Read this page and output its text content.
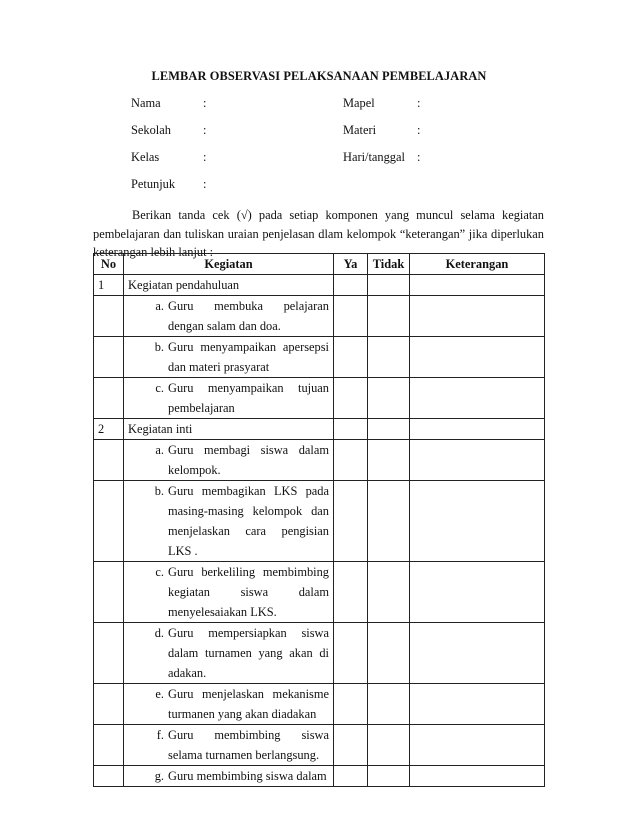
LEMBAR OBSERVASI PELAKSANAAN PEMBELAJARAN
Nama	:	Mapel	:
Sekolah	:	Materi	:
Kelas	:	Hari/tanggal :
Petunjuk	:

Berikan tanda cek (√) pada setiap komponen yang muncul selama kegiatan pembelajaran dan tuliskan uraian penjelasan dlam kelompok “keterangan” jika diperlukan keterangan lebih lanjut :

No	Kegiatan	Ya	Tidak	Keterangan
1	Kegiatan pendahuluan			

	a. Guru membuka pelajaran dengan salam dan doa.			

	b. Guru menyampaikan apersepsi dan materi prasyarat			

	c. Guru menyampaikan tujuan pembelajaran			

2	Kegiatan inti			

	a. Guru membagi siswa dalam kelompok.			

	b. Guru membagikan LKS pada masing-masing kelompok dan menjelaskan cara pengisian LKS .			

	c. Guru berkeliling membimbing kegiatan siswa dalam menyelesaiakan LKS.			

	d. Guru mempersiapkan siswa dalam turnamen yang akan di adakan.			

	e. Guru menjelaskan mekanisme turmanen yang akan diadakan			

	f. Guru membimbing siswa selama turnamen berlangsung.			

	g. Guru membimbing siswa dalam			
